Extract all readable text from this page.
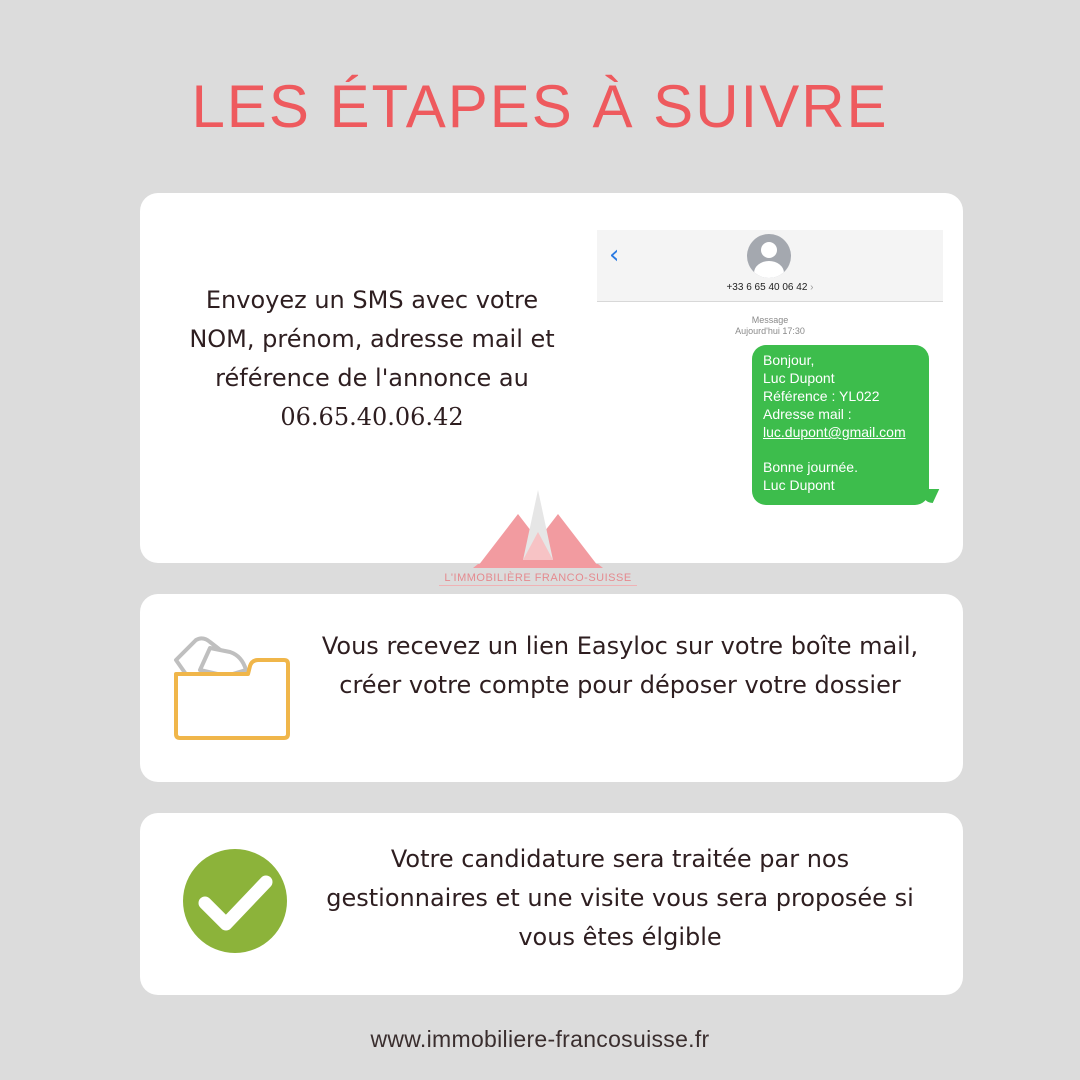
LES ÉTAPES À SUIVRE
Envoyez un SMS avec votre NOM, prénom, adresse mail et référence de l'annonce au
06.65.40.06.42
‹
+33 6 65 40 06 42 ›
Message
Aujourd'hui 17:30
Bonjour,
Luc Dupont
Référence : YL022
Adresse mail :
luc.dupont@gmail.com
Bonne journée.
Luc Dupont
L'IMMOBILIÈRE FRANCO-SUISSE
Vous recevez un lien Easyloc sur votre boîte mail, créer votre compte pour déposer votre dossier
Votre candidature sera traitée par nos gestionnaires et une visite vous sera proposée si vous êtes élgible
www.immobiliere-francosuisse.fr
